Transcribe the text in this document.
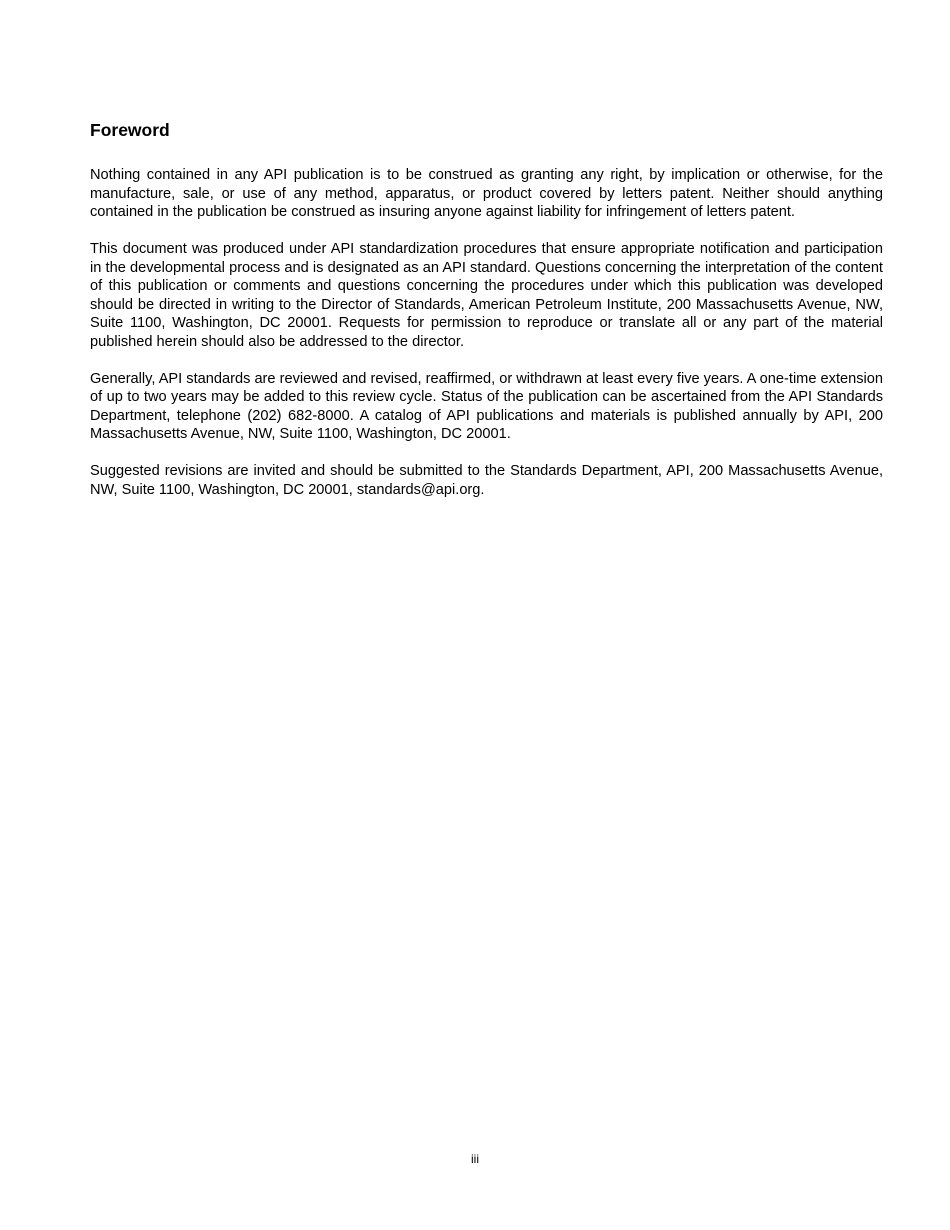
Foreword

Nothing contained in any API publication is to be construed as granting any right, by implication or otherwise, for the manufacture, sale, or use of any method, apparatus, or product covered by letters patent. Neither should anything contained in the publication be construed as insuring anyone against liability for infringement of letters patent.

This document was produced under API standardization procedures that ensure appropriate notification and participation in the developmental process and is designated as an API standard. Questions concerning the interpretation of the content of this publication or comments and questions concerning the procedures under which this publication was developed should be directed in writing to the Director of Standards, American Petroleum Institute, 200 Massachusetts Avenue, NW, Suite 1100, Washington, DC 20001. Requests for permission to reproduce or translate all or any part of the material published herein should also be addressed to the director.

Generally, API standards are reviewed and revised, reaffirmed, or withdrawn at least every five years. A one-time extension of up to two years may be added to this review cycle. Status of the publication can be ascertained from the API Standards Department, telephone (202) 682-8000. A catalog of API publications and materials is published annually by API, 200 Massachusetts Avenue, NW, Suite 1100, Washington, DC 20001.

Suggested revisions are invited and should be submitted to the Standards Department, API, 200 Massachusetts Avenue, NW, Suite 1100, Washington, DC 20001, standards@api.org.

iii
